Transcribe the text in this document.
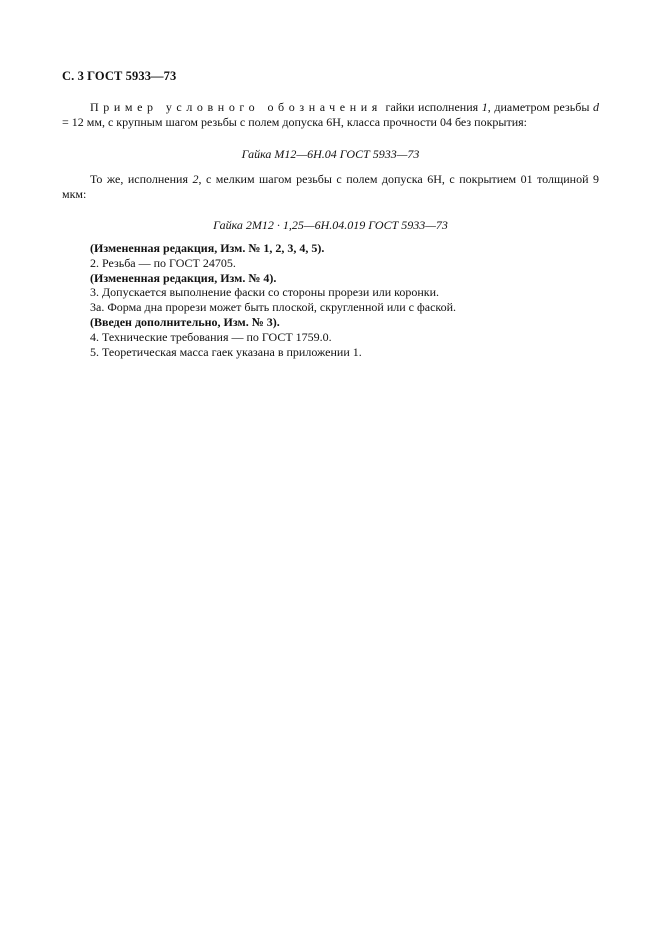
С. 3 ГОСТ 5933—73
Пример условного обозначения гайки исполнения 1, диаметром резьбы d = 12 мм, с крупным шагом резьбы с полем допуска 6Н, класса прочности 04 без покрытия:
Гайка М12—6Н.04 ГОСТ 5933—73
То же, исполнения 2, с мелким шагом резьбы с полем допуска 6Н, с покрытием 01 толщиной 9 мкм:
Гайка 2М12 · 1,25—6Н.04.019 ГОСТ 5933—73
(Измененная редакция, Изм. № 1, 2, 3, 4, 5).
2. Резьба — по ГОСТ 24705.
(Измененная редакция, Изм. № 4).
3. Допускается выполнение фаски со стороны прорези или коронки.
3а. Форма дна прорези может быть плоской, скругленной или с фаской.
(Введен дополнительно, Изм. № 3).
4. Технические требования — по ГОСТ 1759.0.
5. Теоретическая масса гаек указана в приложении 1.
